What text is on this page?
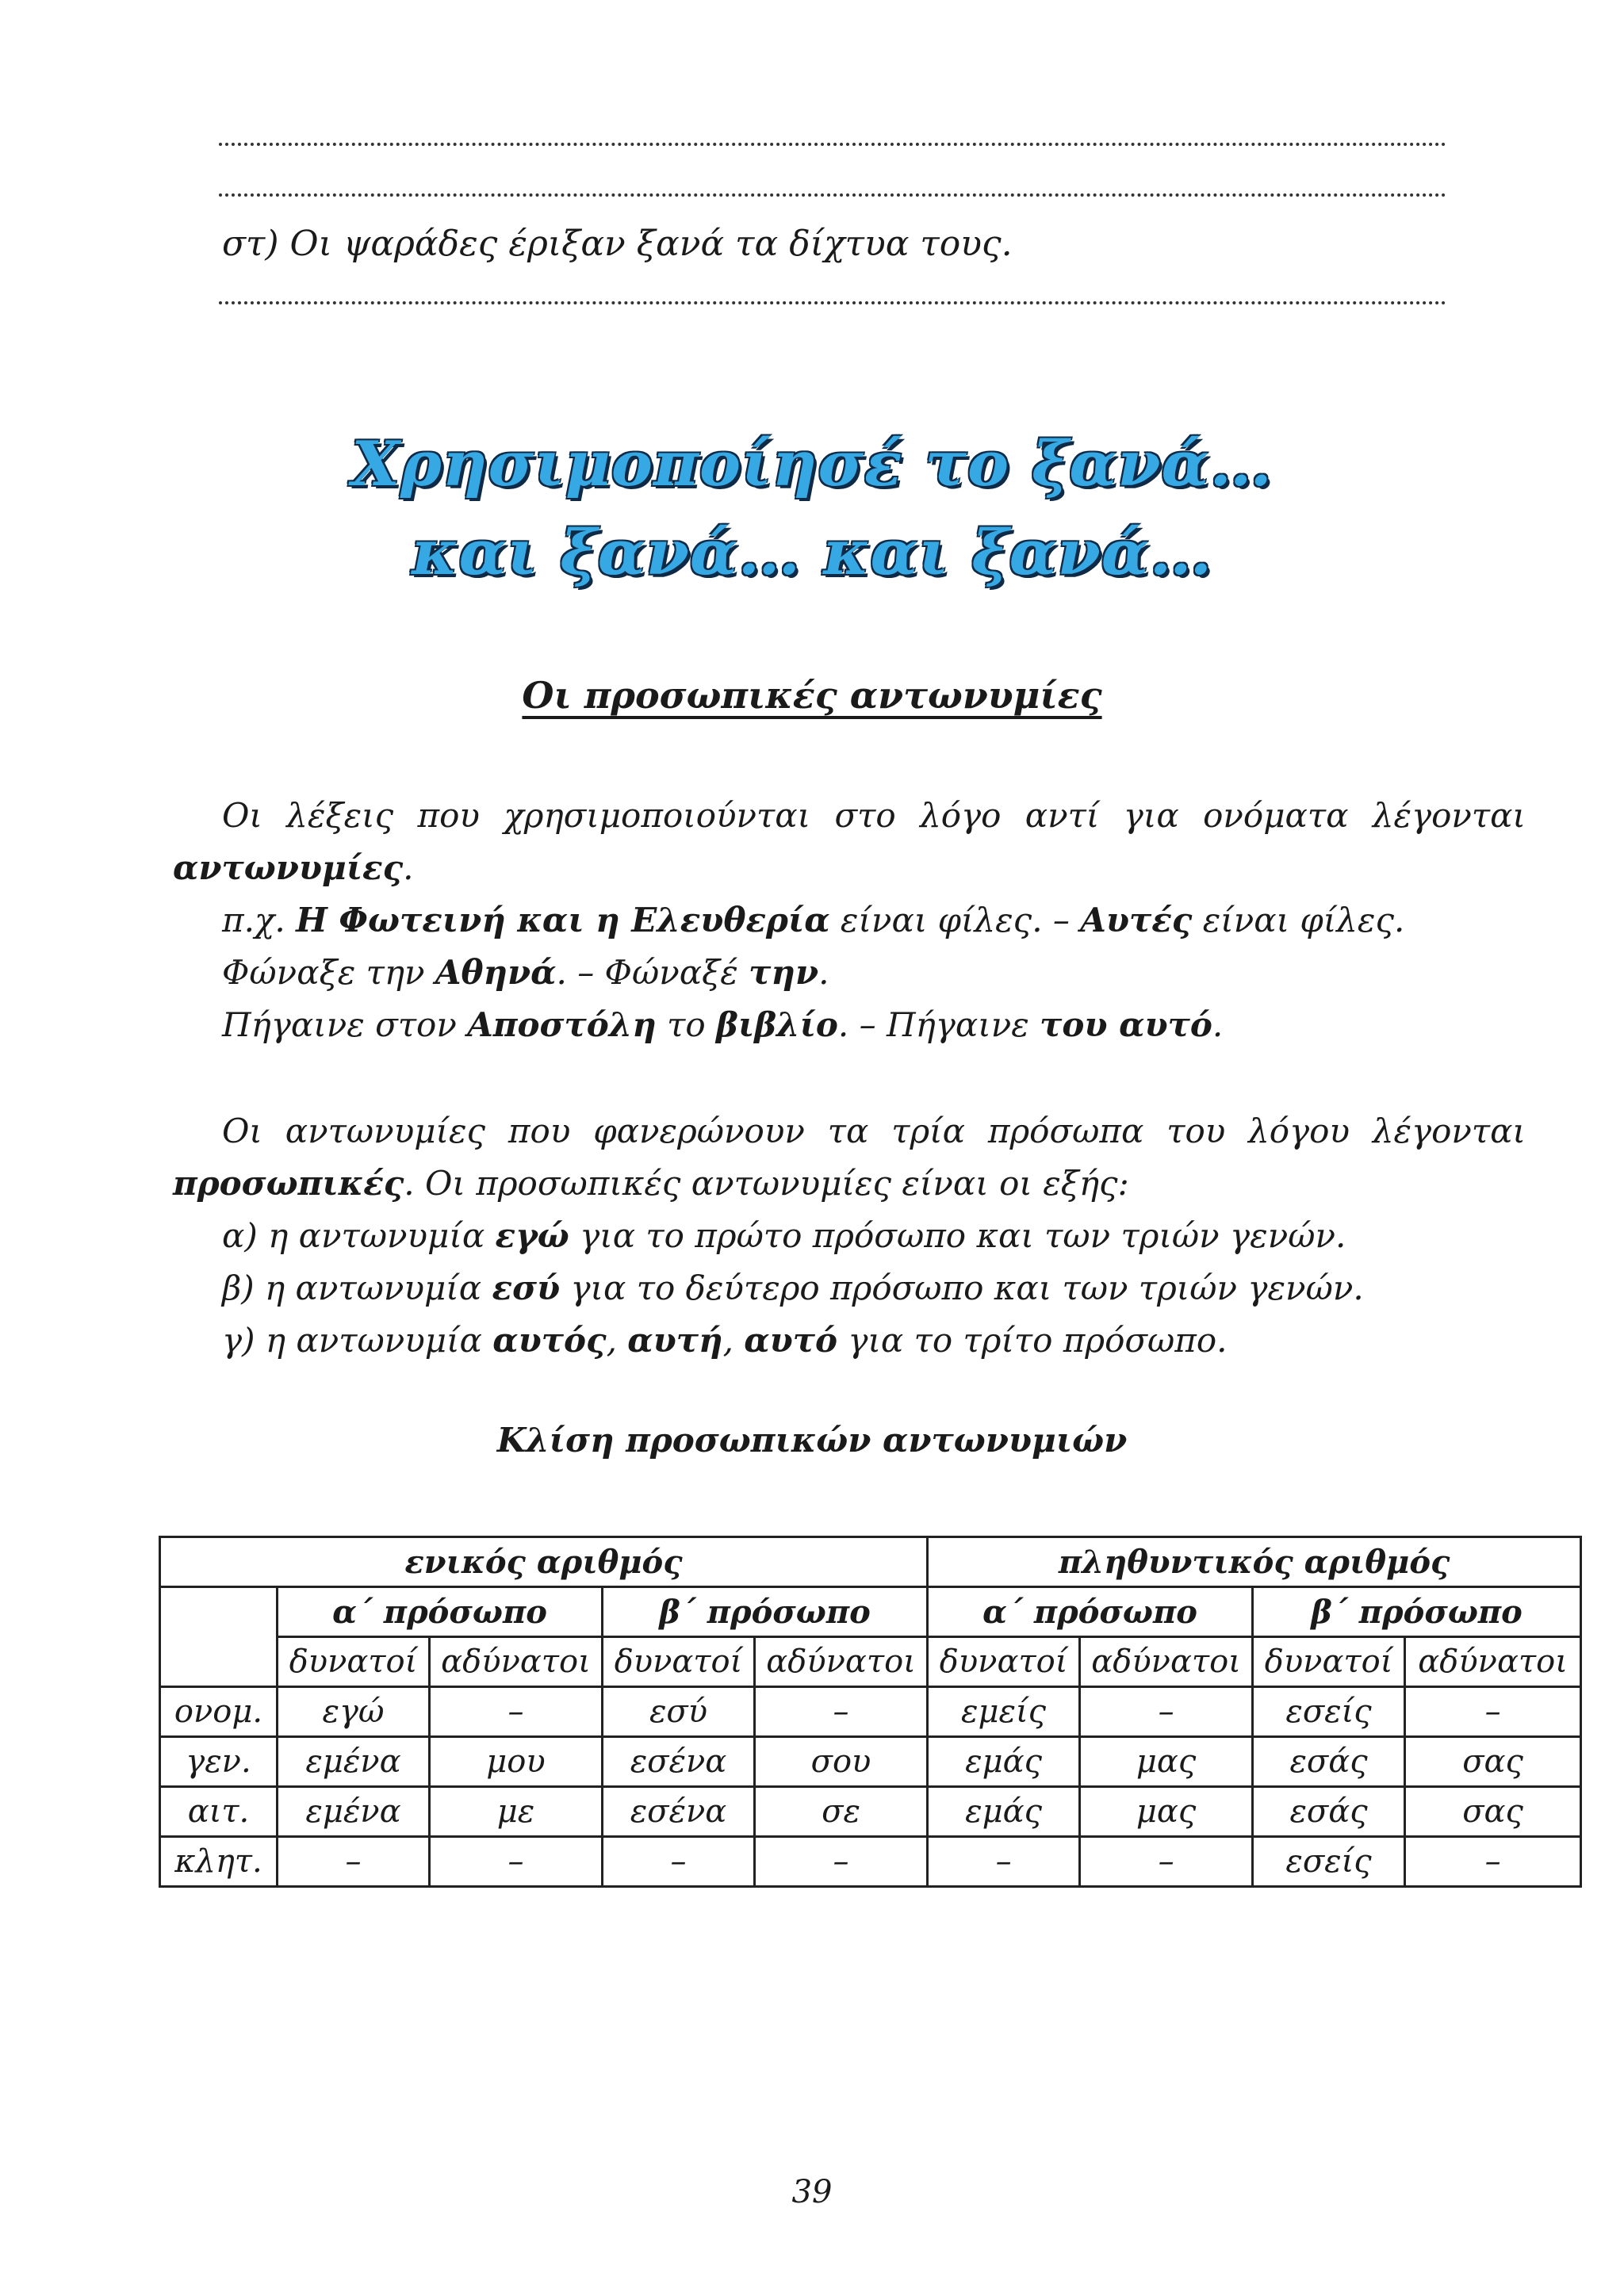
στ) Οι ψαράδες έριξαν ξανά τα δίχτυα τους.
Χρησιμοποίησέ το ξανά…
και ξανά… και ξανά…
Οι προσωπικές αντωνυμίες
Οι λέξεις που χρησιμοποιούνται στο λόγο αντί για ονόματα λέγονται
αντωνυμίες.
π.χ. Η Φωτεινή και η Ελευθερία είναι φίλες. – Αυτές είναι φίλες.
Φώναξε την Αθηνά. – Φώναξέ την.
Πήγαινε στον Αποστόλη το βιβλίο. – Πήγαινε του αυτό.
Οι αντωνυμίες που φανερώνουν τα τρία πρόσωπα του λόγου λέγονται
προσωπικές. Οι προσωπικές αντωνυμίες είναι οι εξής:
α) η αντωνυμία εγώ για το πρώτο πρόσωπο και των τριών γενών.
β) η αντωνυμία εσύ για το δεύτερο πρόσωπο και των τριών γενών.
γ) η αντωνυμία αυτός, αυτή, αυτό για το τρίτο πρόσωπο.
Κλίση προσωπικών αντωνυμιών
ενικός αριθμός					πληθυντικός αριθμός			
	α΄ πρόσωπο		β΄ πρόσωπο		α΄ πρόσωπο		β΄ πρόσωπο	
	δυνατοί	αδύνατοι	δυνατοί	αδύνατοι	δυνατοί	αδύνατοι	δυνατοί	αδύνατοι
ονομ.	εγώ	–	εσύ	–	εμείς	–	εσείς	–
γεν.	εμένα	μου	εσένα	σου	εμάς	μας	εσάς	σας
αιτ.	εμένα	με	εσένα	σε	εμάς	μας	εσάς	σας
κλητ.	–	–	–	–	–	–	εσείς	–
39
